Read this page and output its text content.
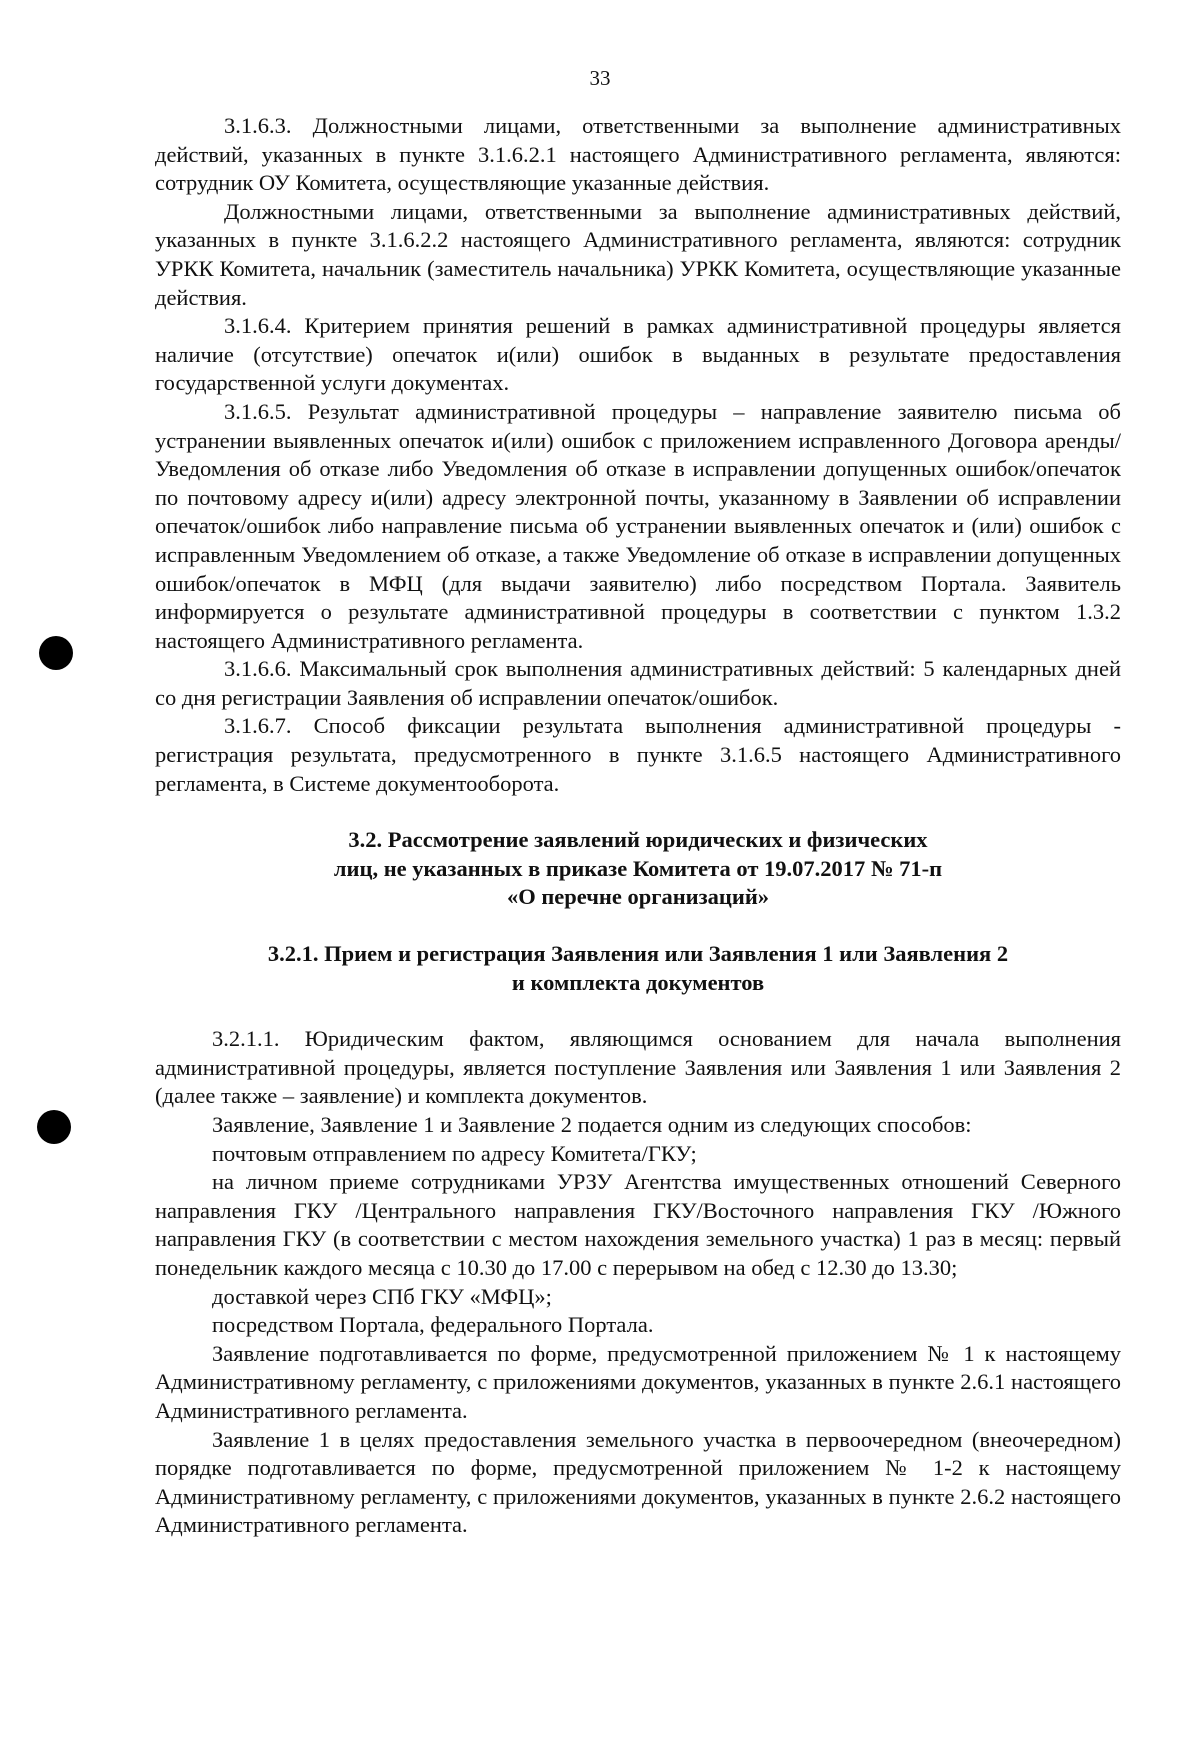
33

3.1.6.3. Должностными лицами, ответственными за выполнение административных действий, указанных в пункте 3.1.6.2.1 настоящего Административного регламента, являются: сотрудник ОУ Комитета, осуществляющие указанные действия.

Должностными лицами, ответственными за выполнение административных действий, указанных в пункте 3.1.6.2.2 настоящего Административного регламента, являются: сотрудник УРКК Комитета, начальник (заместитель начальника) УРКК Комитета, осуществляющие указанные действия.

3.1.6.4. Критерием принятия решений в рамках административной процедуры является наличие (отсутствие) опечаток и(или) ошибок в выданных в результате предоставления государственной услуги документах.

3.1.6.5. Результат административной процедуры – направление заявителю письма об устранении выявленных опечаток и(или) ошибок с приложением исправленного Договора аренды/Уведомления об отказе либо Уведомления об отказе в исправлении допущенных ошибок/опечаток по почтовому адресу и(или) адресу электронной почты, указанному в Заявлении об исправлении опечаток/ошибок либо направление письма об устранении выявленных опечаток и (или) ошибок с исправленным Уведомлением об отказе, а также Уведомление об отказе в исправлении допущенных ошибок/опечаток в МФЦ (для выдачи заявителю) либо посредством Портала. Заявитель информируется о результате административной процедуры в соответствии с пунктом 1.3.2 настоящего Административного регламента.

3.1.6.6. Максимальный срок выполнения административных действий: 5 календарных дней со дня регистрации Заявления об исправлении опечаток/ошибок.

3.1.6.7. Способ фиксации результата выполнения административной процедуры - регистрация результата, предусмотренного в пункте 3.1.6.5 настоящего Административного регламента, в Системе документооборота.

3.2. Рассмотрение заявлений юридических и физических
лиц, не указанных в приказе Комитета от 19.07.2017 № 71-п
«О перечне организаций»

3.2.1. Прием и регистрация Заявления или Заявления 1 или Заявления 2
и комплекта документов

3.2.1.1. Юридическим фактом, являющимся основанием для начала выполнения административной процедуры, является поступление Заявления или Заявления 1 или Заявления 2 (далее также – заявление) и комплекта документов.

Заявление, Заявление 1 и Заявление 2 подается одним из следующих способов:

почтовым отправлением по адресу Комитета/ГКУ;

на личном приеме сотрудниками УРЗУ Агентства имущественных отношений Северного направления ГКУ /Центрального направления ГКУ/Восточного направления ГКУ /Южного направления ГКУ (в соответствии с местом нахождения земельного участка) 1 раз в месяц: первый понедельник каждого месяца с 10.30 до 17.00 с перерывом на обед с 12.30 до 13.30;

доставкой через СПб ГКУ «МФЦ»;

посредством Портала, федерального Портала.

Заявление подготавливается по форме, предусмотренной приложением № 1 к настоящему Административному регламенту, с приложениями документов, указанных в пункте 2.6.1 настоящего Административного регламента.

Заявление 1 в целях предоставления земельного участка в первоочередном (внеочередном) порядке подготавливается по форме, предусмотренной приложением № 1-2 к настоящему Административному регламенту, с приложениями документов, указанных в пункте 2.6.2 настоящего Административного регламента.
